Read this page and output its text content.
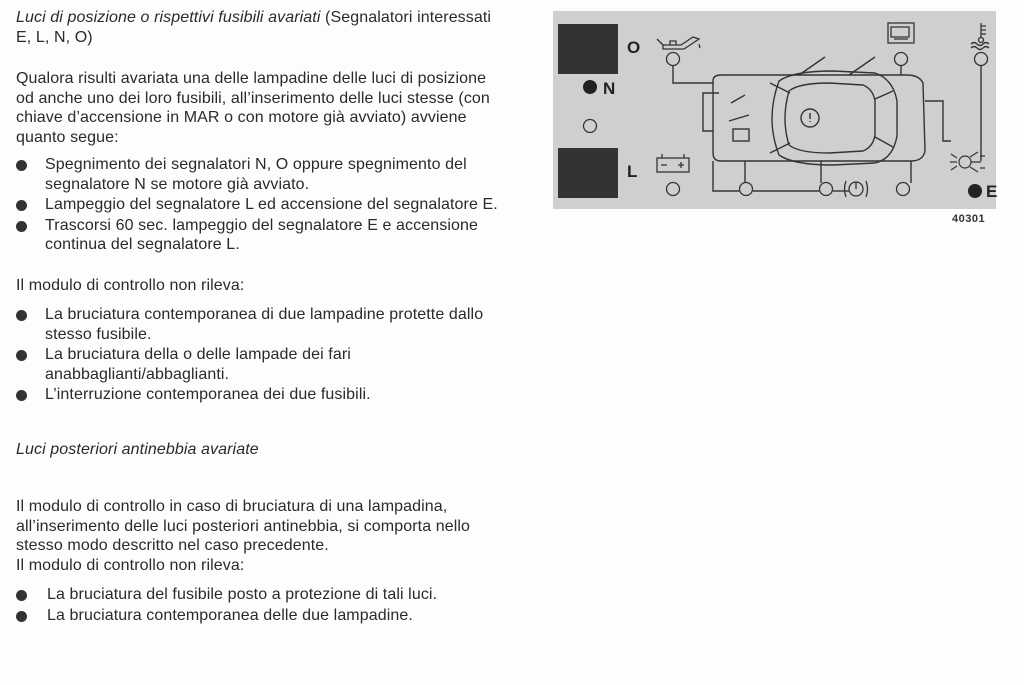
Luci di posizione o rispettivi fusibili avariati (Segnalatori interessati E, L, N, O)

Qualora risulti avariata una delle lampadine delle luci di posizione od anche uno dei loro fusibili, all’inserimento delle luci stesse (con chiave d’accensione in MAR o con motore già avviato) avviene quanto segue:

Spegnimento dei segnalatori N, O oppure spegnimento del segnalatore N se motore già avviato.
Lampeggio del segnalatore L ed accensione del segnalatore E.
Trascorsi 60 sec. lampeggio del segnalatore E e accensione continua del segnalatore L.

Il modulo di controllo non rileva:

La bruciatura contemporanea di due lampadine protette dallo stesso fusibile.
La bruciatura della o delle lampade dei fari anabbaglianti/abbaglianti.
L’interruzione contemporanea dei due fusibili.

Luci posteriori antinebbia avariate

Il modulo di controllo in caso di bruciatura di una lampadina, all’inserimento delle luci posteriori antinebbia, si comporta nello stesso modo descritto nel caso precedente.

Il modulo di controllo non rileva:

La bruciatura del fusibile posto a protezione di tali luci.
La bruciatura contemporanea delle due lampadine.
O
N
L
E
40301
